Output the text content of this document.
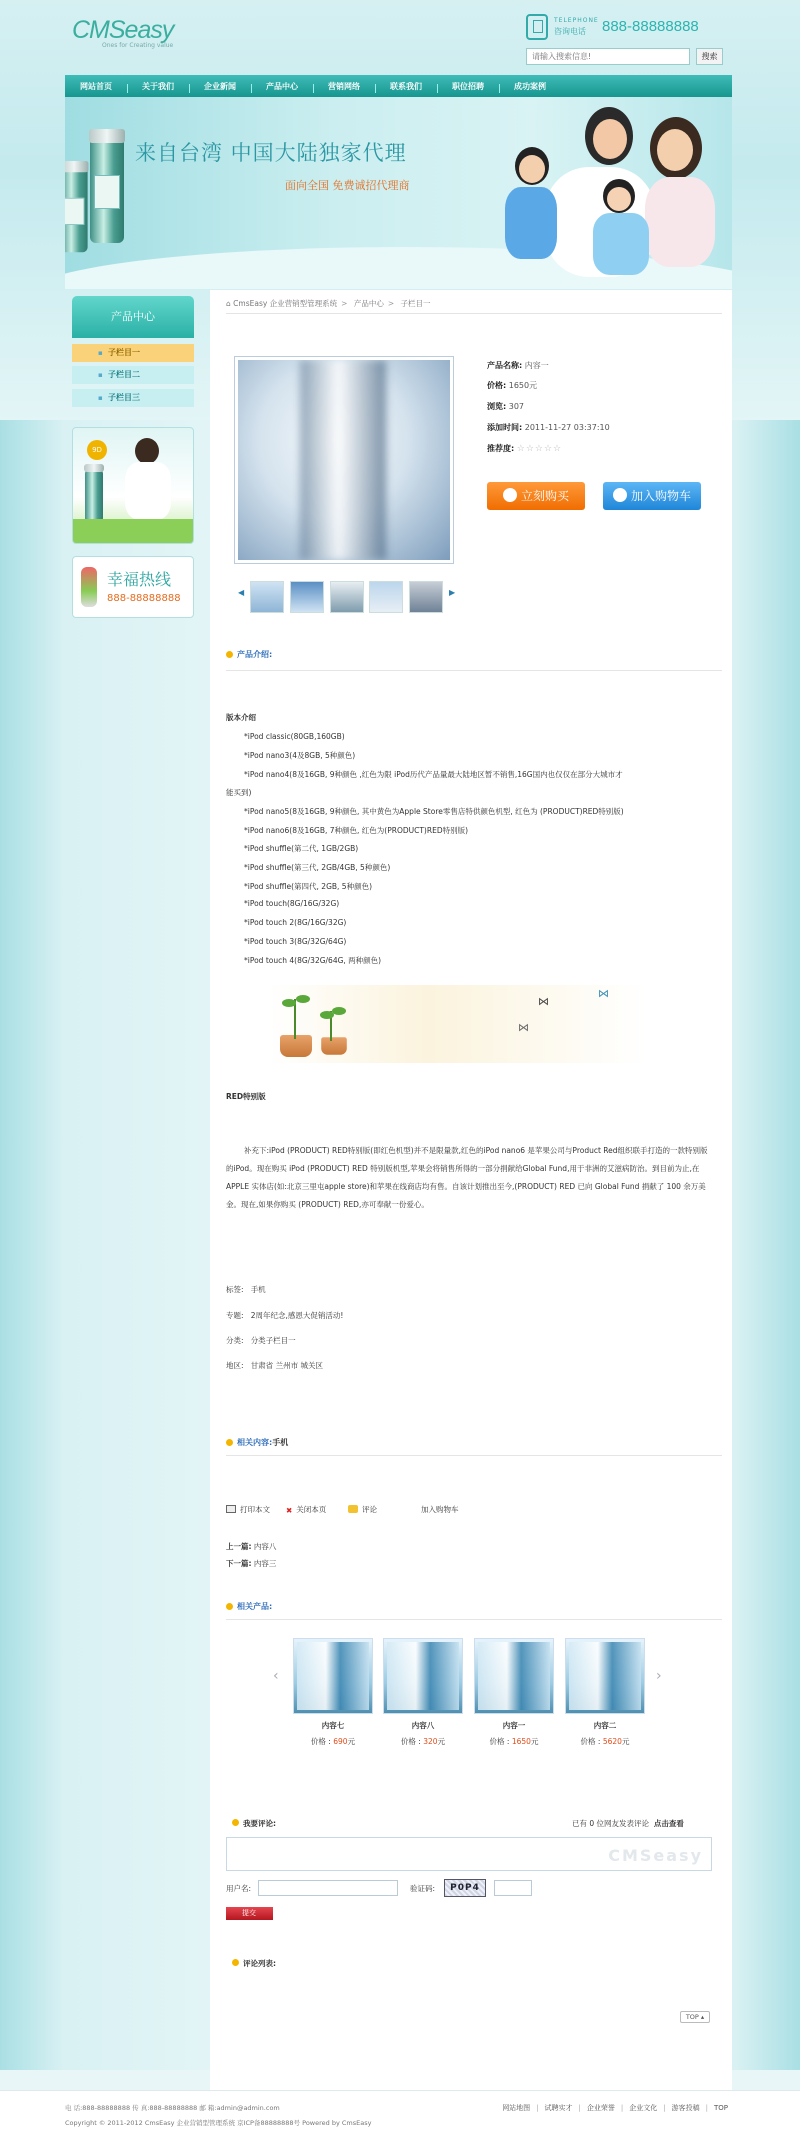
CMSeasy
Ones for Creating value
TELEPHONE
咨询电话 888-88888888
请输入搜索信息!
搜索
网站首页	关于我们	企业新闻	产品中心	营销网络	联系我们	职位招聘	成功案例
来自台湾 中国大陆独家代理
面向全国 免费诚招代理商
产品中心
▪ 子栏目一
▪ 子栏目二
▪ 子栏目三
9D
幸福热线
888-88888888
⌂ CmsEasy 企业营销型管理系统 > 产品中心 > 子栏目一
◀	▶
产品名称: 内容一
价格: 1650元
浏览: 307
添加时间: 2011-11-27 03:37:10
推荐度: ☆☆☆☆☆
立刻购买	加入购物车
产品介绍:
版本介绍
*iPod classic(80GB,160GB)
*iPod nano3(4及8GB, 5种颜色)
*iPod nano4(8及16GB, 9种颜色 ,红色为限 iPod历代产品量最大陆地区暂不销售,16G国内也仅仅在部分大城市才
能买到)
*iPod nano5(8及16GB, 9种颜色, 其中黄色为Apple Store零售店特供颜色机型, 红色为 (PRODUCT)RED特别版)
*iPod nano6(8及16GB, 7种颜色, 红色为(PRODUCT)RED特别版)
*iPod shuffle(第二代, 1GB/2GB)
*iPod shuffle(第三代, 2GB/4GB, 5种颜色)
*iPod shuffle(第四代, 2GB, 5种颜色)
*iPod touch(8G/16G/32G)
*iPod touch 2(8G/16G/32G)
*iPod touch 3(8G/32G/64G)
*iPod touch 4(8G/32G/64G, 两种颜色)
⋈
⋈
⋈
RED特别版
补充下:iPod (PRODUCT) RED特别版(即红色机型)并不是限量款,红色的iPod nano6 是苹果公司与Product Red组织联手打造的一款特别版的iPod。现在购买 iPod (PRODUCT) RED 特别版机型,苹果会将销售所得的一部分捐献给Global Fund,用于非洲的艾滋病防治。到目前为止,在APPLE 实体店(如:北京三里屯apple store)和苹果在线商店均有售。自该计划推出至今,(PRODUCT) RED 已向 Global Fund 捐献了 100 余万美金。现在,如果你购买 (PRODUCT) RED,亦可奉献一份爱心。
标签: 手机
专题: 2周年纪念,感恩大促销活动!
分类: 分类子栏目一
地区: 甘肃省 兰州市 城关区
相关内容:手机
打印本文 ✖ 关闭本页	评论	加入购物车
上一篇: 内容八
下一篇: 内容三
相关产品:
‹	›
内容七
价格 : 690元
内容八
价格 : 320元
内容一
价格 : 1650元
内容二
价格 : 5620元
我要评论:	已有 0 位网友发表评论 点击查看
CMSeasy
用户名:	验证码:	P0P4
提交
评论列表:
TOP ▴
电 话:888-88888888 传 真:888-88888888 邮 箱:admin@admin.com
Copyright © 2011-2012 CmsEasy 企业营销型管理系统 京ICP备88888888号 Powered by CmsEasy
网站地图 | 试聘实才 | 企业荣誉 | 企业文化 | 游客投稿 | TOP
